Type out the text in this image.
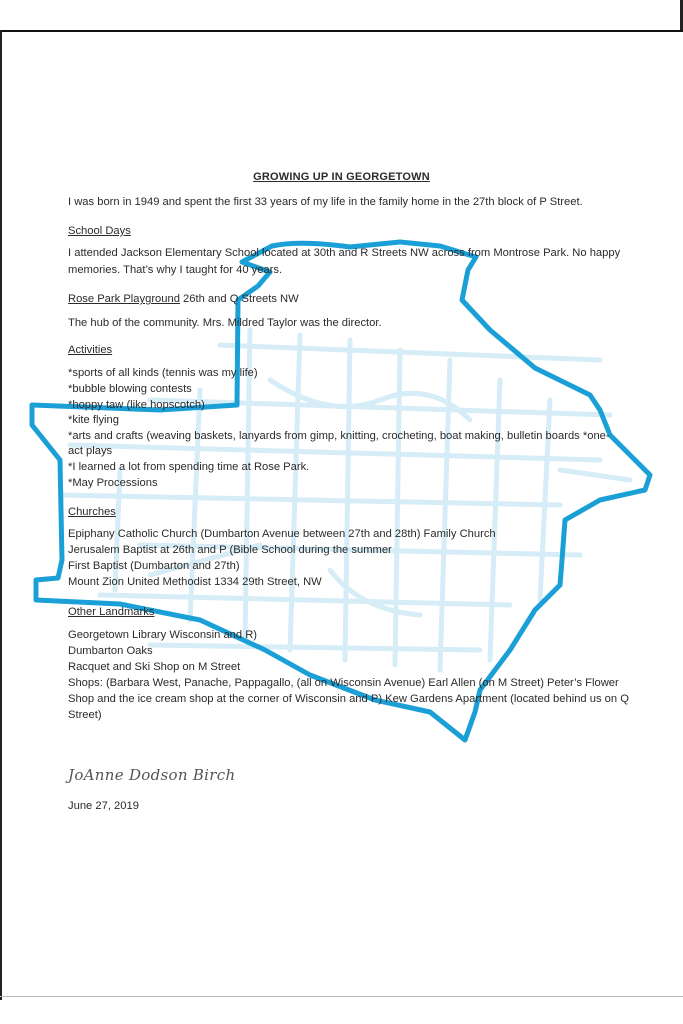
GROWING UP IN GEORGETOWN
I was born in 1949 and spent the first 33 years of my life in the family home in the 27th block of P Street.
School Days
I attended Jackson Elementary School located at 30th and R Streets NW across from Montrose Park. No happy
memories. That’s why I taught for 40 years.
Rose Park Playground 26th and Q Streets NW
The hub of the community. Mrs. Mildred Taylor was the director.
Activities
*sports of all kinds (tennis was my life)
*bubble blowing contests
*hoppy taw (like hopscotch)
*kite flying
*arts and crafts (weaving baskets, lanyards from gimp, knitting, crocheting, boat making, bulletin boards *one-
act plays
*I learned a lot from spending time at Rose Park.
*May Processions
Churches
Epiphany Catholic Church (Dumbarton Avenue between 27th and 28th) Family Church
Jerusalem Baptist at 26th and P (Bible School during the summer
First Baptist (Dumbarton and 27th)
Mount Zion United Methodist 1334 29th Street, NW
Other Landmarks
Georgetown Library Wisconsin and R)
Dumbarton Oaks
Racquet and Ski Shop on M Street
Shops: (Barbara West, Panache, Pappagallo, (all on Wisconsin Avenue) Earl Allen (on M Street) Peter’s Flower
Shop and the ice cream shop at the corner of Wisconsin and P) Kew Gardens Apartment (located behind us on Q
Street)
JoAnne Dodson Birch
June 27, 2019
